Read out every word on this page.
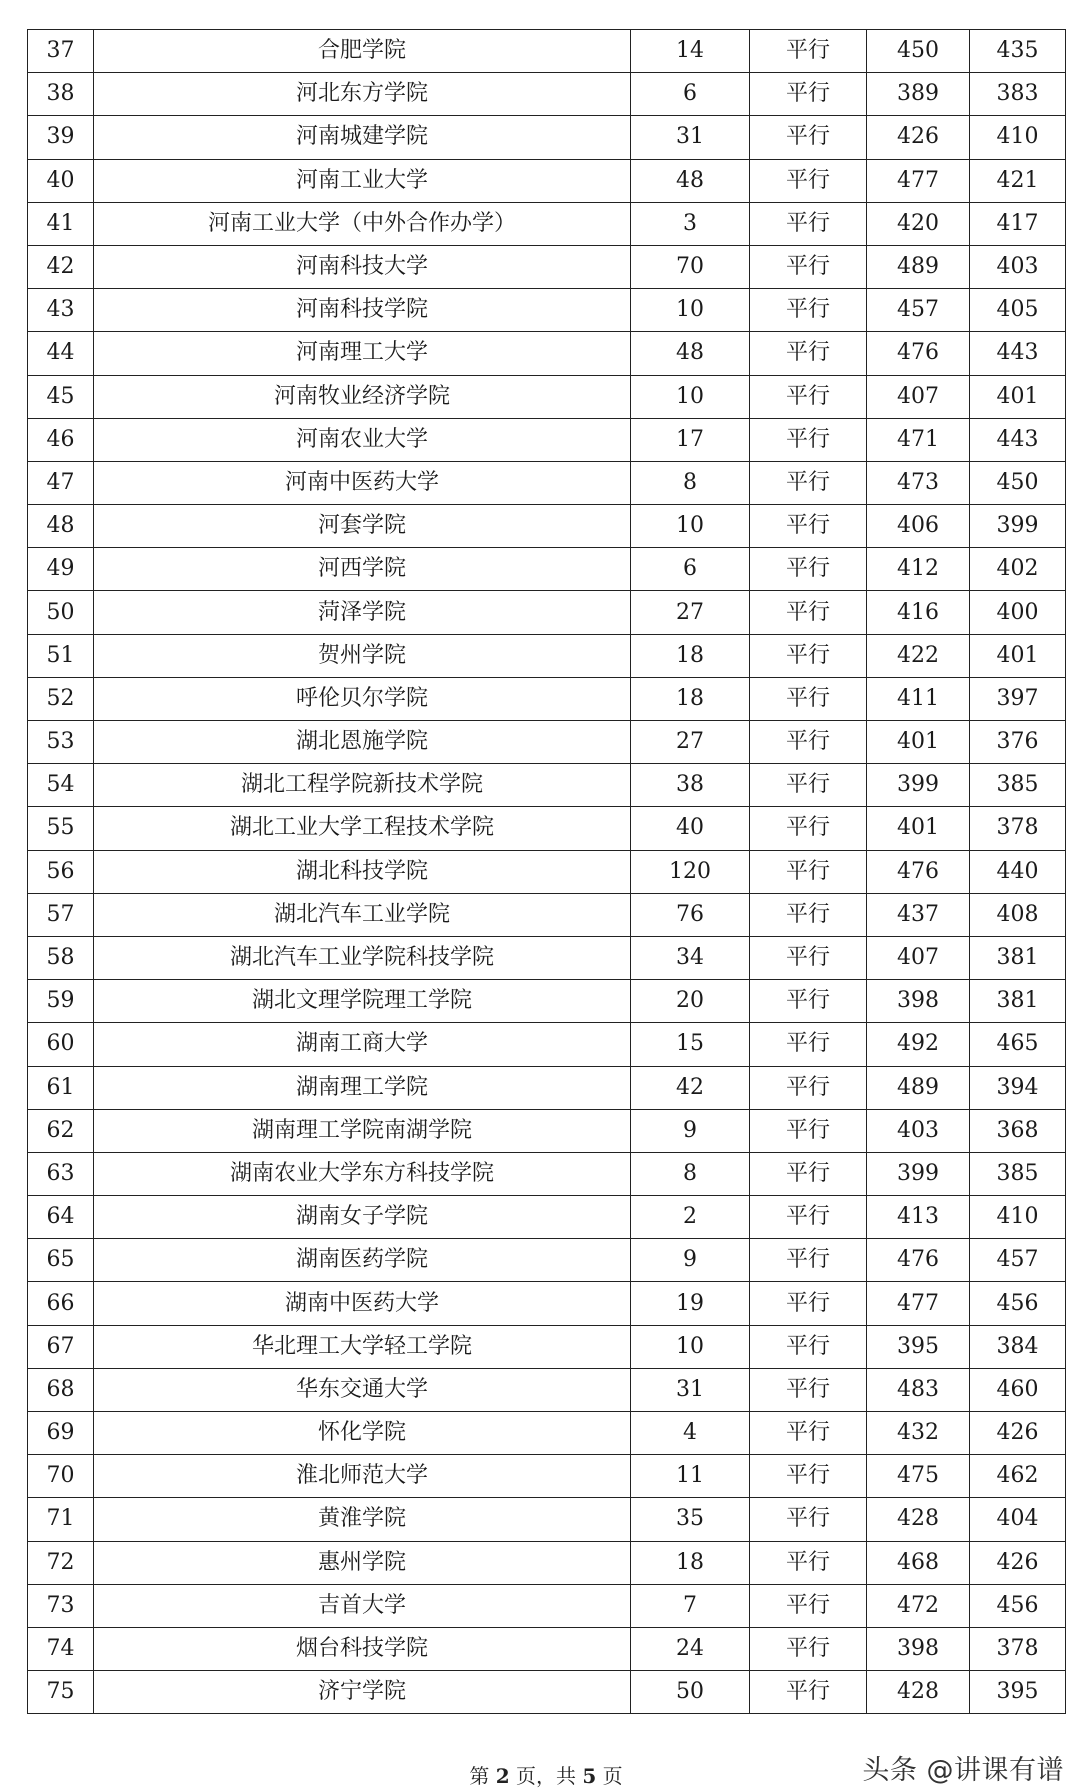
37	合肥学院	14	平行	450	435
38	河北东方学院	6	平行	389	383
39	河南城建学院	31	平行	426	410
40	河南工业大学	48	平行	477	421
41	河南工业大学（中外合作办学）	3	平行	420	417
42	河南科技大学	70	平行	489	403
43	河南科技学院	10	平行	457	405
44	河南理工大学	48	平行	476	443
45	河南牧业经济学院	10	平行	407	401
46	河南农业大学	17	平行	471	443
47	河南中医药大学	8	平行	473	450
48	河套学院	10	平行	406	399
49	河西学院	6	平行	412	402
50	菏泽学院	27	平行	416	400
51	贺州学院	18	平行	422	401
52	呼伦贝尔学院	18	平行	411	397
53	湖北恩施学院	27	平行	401	376
54	湖北工程学院新技术学院	38	平行	399	385
55	湖北工业大学工程技术学院	40	平行	401	378
56	湖北科技学院	120	平行	476	440
57	湖北汽车工业学院	76	平行	437	408
58	湖北汽车工业学院科技学院	34	平行	407	381
59	湖北文理学院理工学院	20	平行	398	381
60	湖南工商大学	15	平行	492	465
61	湖南理工学院	42	平行	489	394
62	湖南理工学院南湖学院	9	平行	403	368
63	湖南农业大学东方科技学院	8	平行	399	385
64	湖南女子学院	2	平行	413	410
65	湖南医药学院	9	平行	476	457
66	湖南中医药大学	19	平行	477	456
67	华北理工大学轻工学院	10	平行	395	384
68	华东交通大学	31	平行	483	460
69	怀化学院	4	平行	432	426
70	淮北师范大学	11	平行	475	462
71	黄淮学院	35	平行	428	404
72	惠州学院	18	平行	468	426
73	吉首大学	7	平行	472	456
74	烟台科技学院	24	平行	398	378
75	济宁学院	50	平行	428	395
第 2 页，共 5 页	头条 @讲课有谱
